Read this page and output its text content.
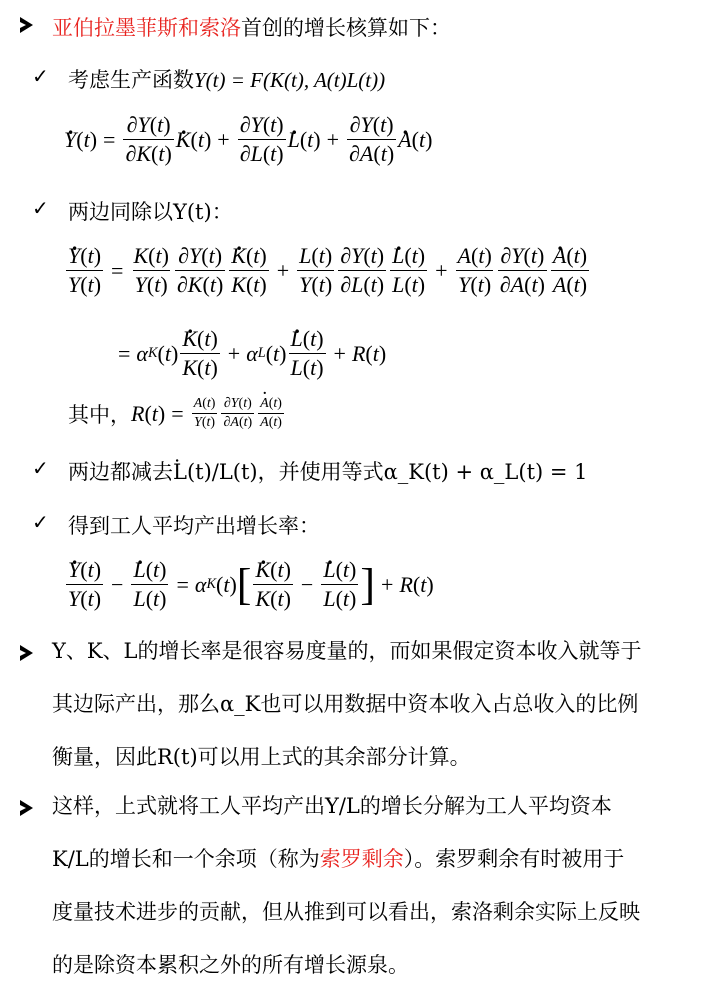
亚伯拉墨菲斯和索洛首创的增长核算如下：
✓ 考虑生产函数Y(t) = F(K(t), A(t)L(t))
. Y ( t ) = $\frac{\partial Y(t)}{\partial K(t)}$ . K ( t ) + $\frac{\partial Y(t)}{\partial L(t)}$ . L ( t ) + $\frac{\partial Y(t)}{\partial A(t)}$ . A ( t )
✓ 两边同除以Y(t)：
. $\frac{Y(t)}{Y(t)} = \frac{K(t)}{Y(t)} \frac{\partial Y(t)}{\partial K(t)}$ . $\frac{K(t)}{K(t)} + \frac{L(t)}{Y(t)} \frac{\partial Y(t)}{\partial L(t)}$ . $\frac{L(t)}{L(t)} + \frac{A(t)}{Y(t)} \frac{\partial Y(t)}{\partial A(t)}$ . $\frac{A(t)}{A(t)}$
= α K ( t ) . $\frac{K(t)}{K(t)} + \alpha$ L ( t ) . $\frac{L(t)}{L(t)} + R$ ( t )
其中， R ( t ) = $\frac{A(t)}{Y(t)} \frac{\partial Y(t)}{\partial A(t)}$ . $\frac{A(t)}{A(t)}$
✓ 两边都减去L̇(t)/L(t)，并使用等式α_K(t) + α_L(t) = 1
✓ 得到工人平均产出增长率：
. $\frac{Y(t)}{Y(t)}$ − . $\frac{L(t)}{L(t)} = \alpha$ K ( t ) [ . $\frac{K(t)}{K(t)}$ − . $\frac{L(t)}{L(t)}$ ] + R ( t )
Y、K、L的增长率是很容易度量的，而如果假定资本收入就等于
其边际产出，那么α_K也可以用数据中资本收入占总收入的比例
衡量，因此R(t)可以用上式的其余部分计算。
这样，上式就将工人平均产出Y/L的增长分解为工人平均资本
K/L的增长和一个余项（称为索罗剩余）。索罗剩余有时被用于
度量技术进步的贡献，但从推到可以看出，索洛剩余实际上反映
的是除资本累积之外的所有增长源泉。
